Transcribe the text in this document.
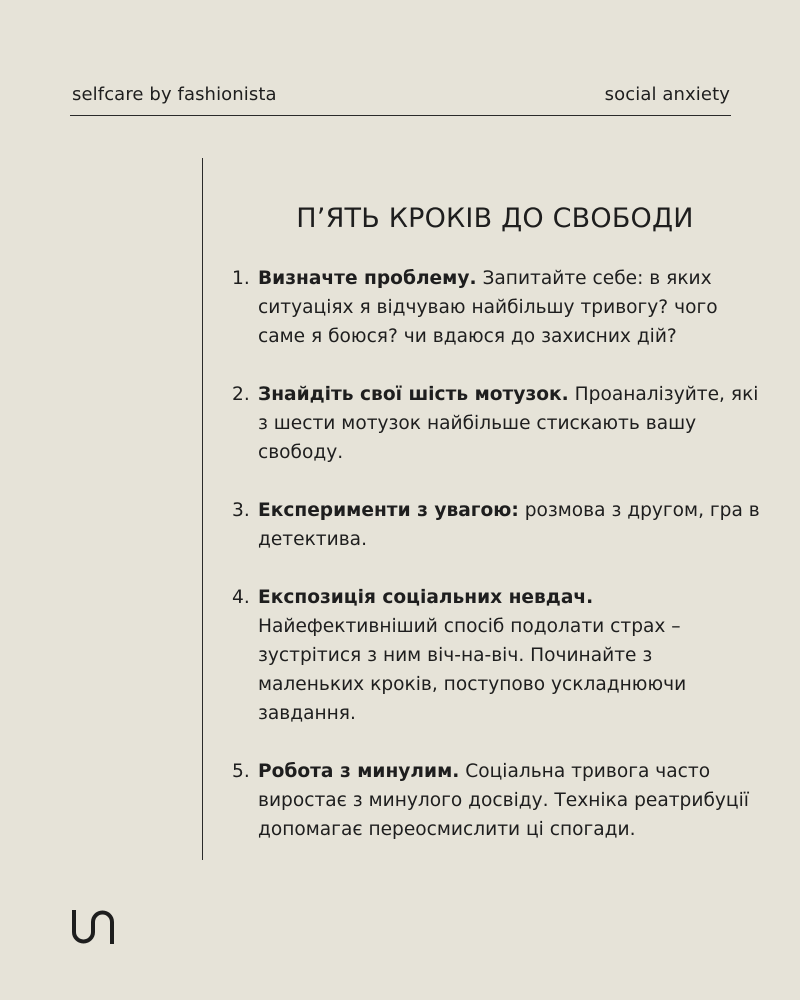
selfcare by fashionista	social anxiety
П’ЯТЬ КРОКІВ ДО СВОБОДИ
1. Визначте проблему. Запитайте себе: в яких ситуаціях я відчуваю найбільшу тривогу? чого саме я боюся? чи вдаюся до захисних дій?
2. Знайдіть свої шість мотузок. Проаналізуйте, які з шести мотузок найбільше стискають вашу свободу.
3. Експерименти з увагою: розмова з другом, гра в детектива.
4. Експозиція соціальних невдач. Найефективніший спосіб подолати страх – зустрітися з ним віч-на-віч. Починайте з маленьких кроків, поступово ускладнюючи завдання.
5. Робота з минулим. Соціальна тривога часто виростає з минулого досвіду. Техніка реатрибуції допомагає переосмислити ці спогади.
